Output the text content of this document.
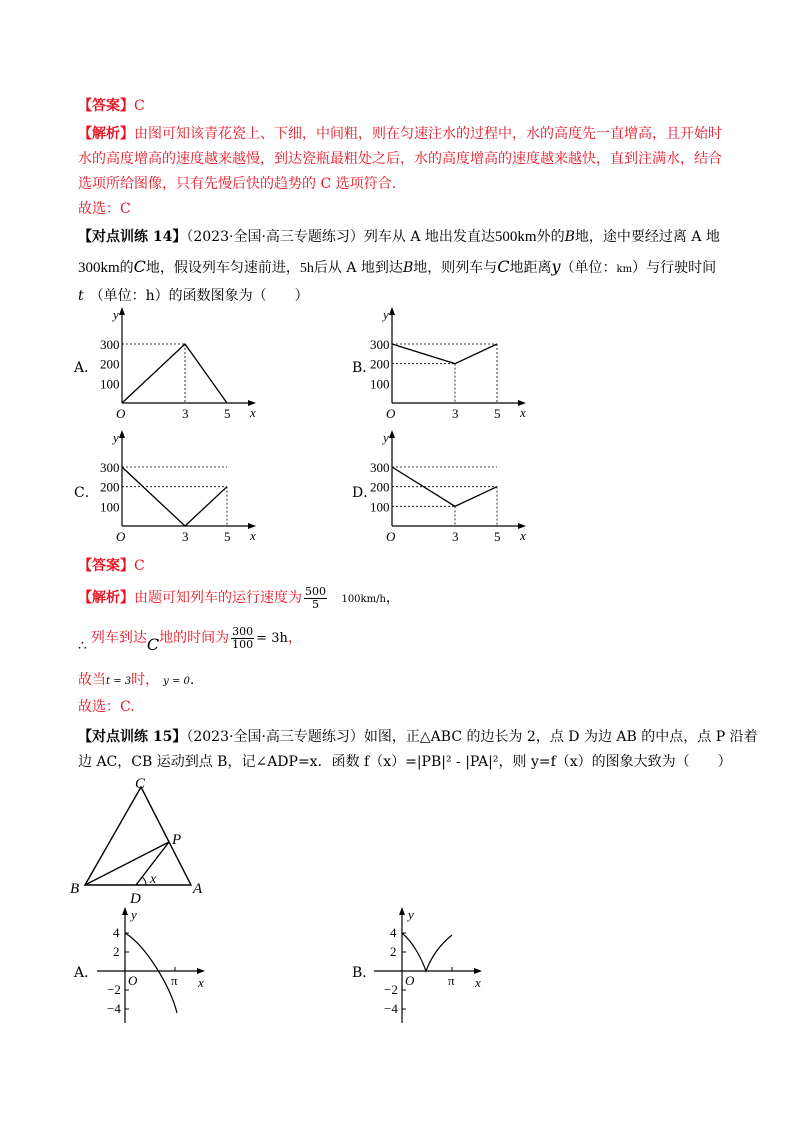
【答案】C
【解析】由图可知该青花瓷上、下细，中间粗，则在匀速注水的过程中，水的高度先一直增高，且开始时
水的高度增高的速度越来越慢，到达瓷瓶最粗处之后，水的高度增高的速度越来越快，直到注满水，结合
选项所给图像，只有先慢后快的趋势的 C 选项符合.
故选：C
【对点训练 14】（2023·全国·高三专题练习）列车从 A 地出发直达500km外的B地，途中要经过离 A 地
300km的C地，假设列车匀速前进，5h后从 A 地到达B地，则列车与C地距离y（单位：km）与行驶时间
t （单位：h）的函数图象为（　　）
A．	B．
C．	D．
300
200
100
O	3	5 x
y
300
200
100
O	3	5 x
y
300
200
100
O	3	5 x
y
300
200
100
O	3	5 x
y
【答案】C
【解析】由题可知列车的运行速度为 $\frac{500}{5} 100km/h$，
∴ 列车到达C地的时间为 $\frac{300}{100} = 3h$，
故当t = 3时， y = 0.
故选：C.
【对点训练 15】（2023·全国·高三专题练习）如图，正△ABC 的边长为 2，点 D 为边 AB 的中点，点 P 沿着
边 AC，CB 运动到点 B，记∠ADP=x．函数 f（x）=|PB|² - |PA|²，则 y=f（x）的图象大致为（　　）
C
P
B	A
D
x
A．	B．
y
x
O
4
2
−2
−4
π
y
x
O
4
2
−2
−4
π
